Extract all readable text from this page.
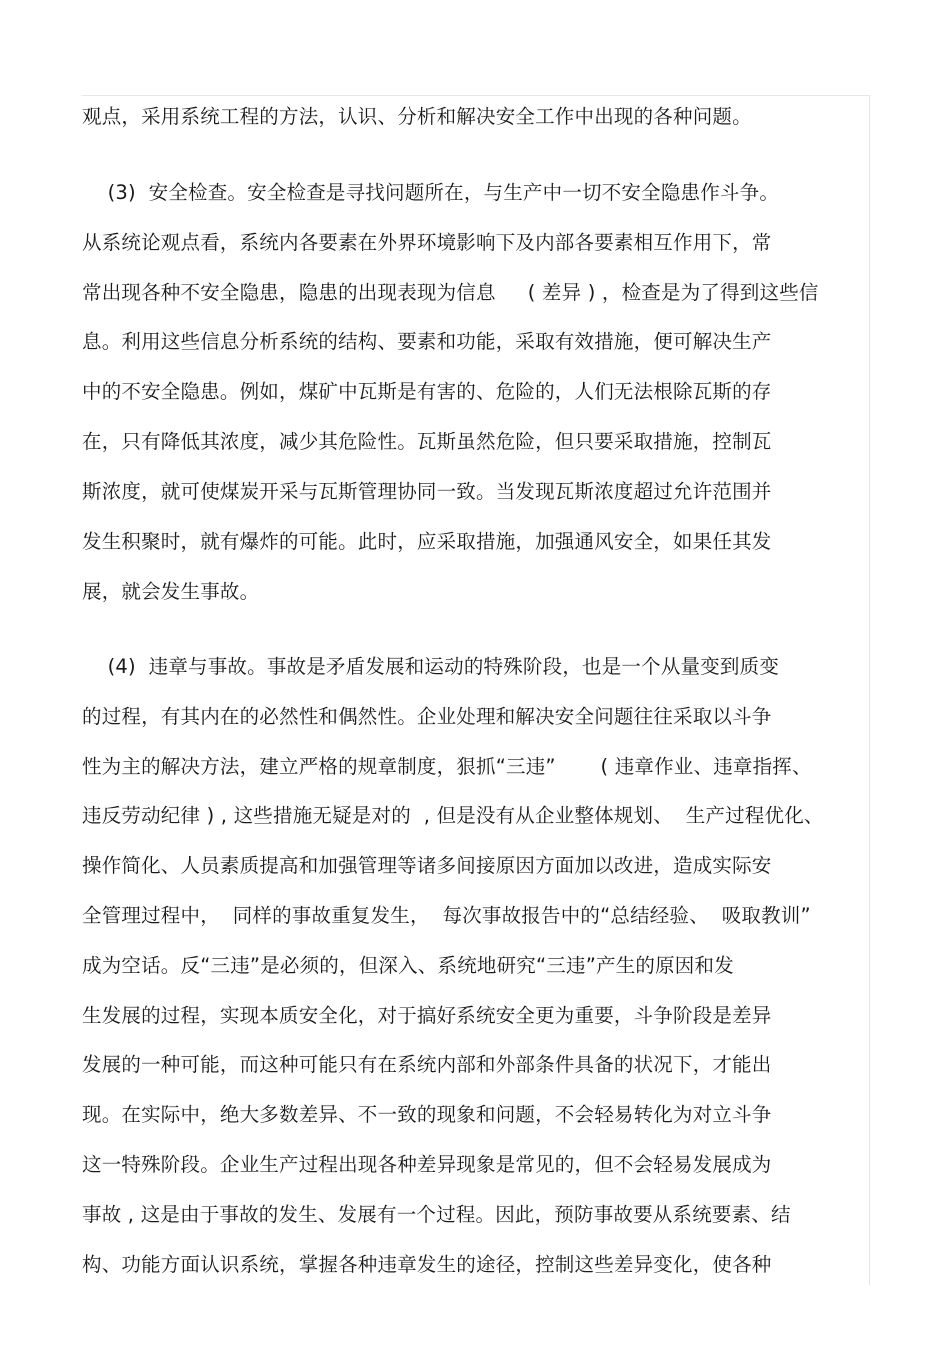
观点，采用系统工程的方法，认识、分析和解决安全工作中出现的各种问题。
(3)  安全检查。安全检查是寻找问题所在，与生产中一切不安全隐患作斗争。
从系统论观点看，系统内各要素在外界环境影响下及内部各要素相互作用下，常
常出现各种不安全隐患，隐患的出现表现为信息     ( 差异 ) ，检查是为了得到这些信
息。利用这些信息分析系统的结构、要素和功能，采取有效措施，便可解决生产
中的不安全隐患。例如，煤矿中瓦斯是有害的、危险的，人们无法根除瓦斯的存
在，只有降低其浓度，减少其危险性。瓦斯虽然危险，但只要采取措施，控制瓦
斯浓度，就可使煤炭开采与瓦斯管理协同一致。当发现瓦斯浓度超过允许范围并
发生积聚时，就有爆炸的可能。此时，应采取措施，加强通风安全，如果任其发
展，就会发生事故。
(4)  违章与事故。事故是矛盾发展和运动的特殊阶段，也是一个从量变到质变
的过程，有其内在的必然性和偶然性。企业处理和解决安全问题往往采取以斗争
性为主的解决方法，建立严格的规章制度，狠抓“三违”       ( 违章作业、违章指挥、
违反劳动纪律 ) , 这些措施无疑是对的  , 但是没有从企业整体规划、  生产过程优化、
操作简化、人员素质提高和加强管理等诸多间接原因方面加以改进，造成实际安
全管理过程中，  同样的事故重复发生，  每次事故报告中的“总结经验、  吸取教训”
成为空话。反“三违”是必须的，但深入、系统地研究“三违”产生的原因和发
生发展的过程，实现本质安全化，对于搞好系统安全更为重要，斗争阶段是差异
发展的一种可能，而这种可能只有在系统内部和外部条件具备的状况下，才能出
现。在实际中，绝大多数差异、不一致的现象和问题，不会轻易转化为对立斗争
这一特殊阶段。企业生产过程出现各种差异现象是常见的，但不会轻易发展成为
事故 , 这是由于事故的发生、发展有一个过程。因此，预防事故要从系统要素、结
构、功能方面认识系统，掌握各种违章发生的途径，控制这些差异变化，使各种
